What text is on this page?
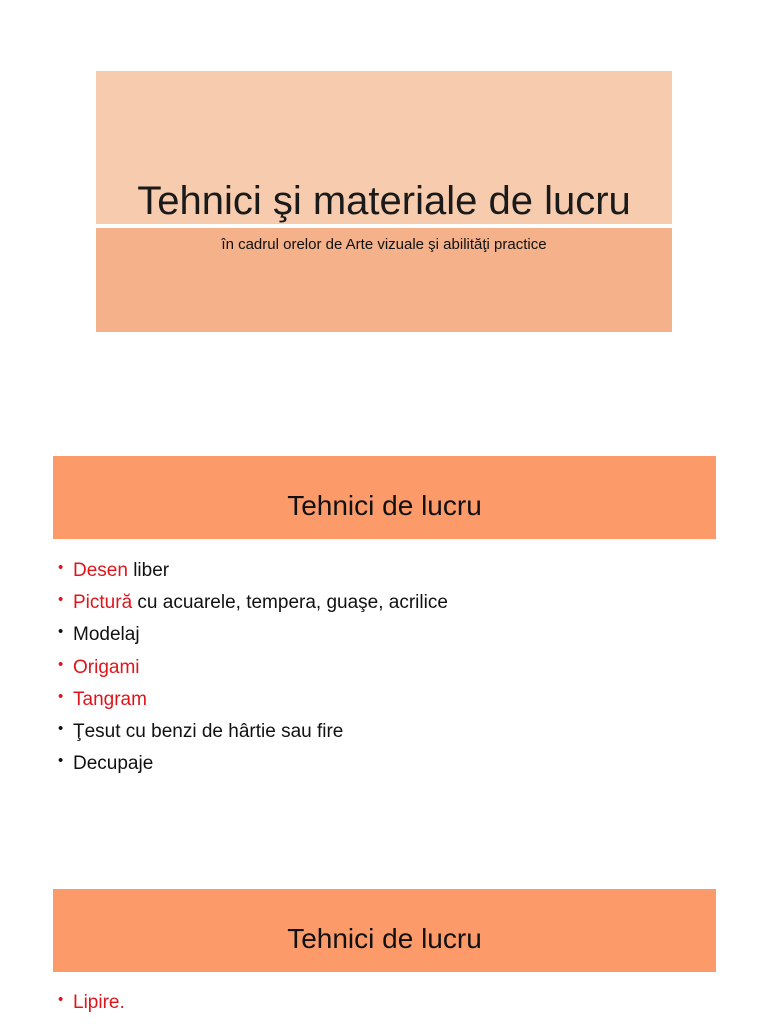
Tehnici şi materiale de lucru
în cadrul orelor de Arte vizuale şi abilităţi practice
Tehnici de lucru
• Desen liber
• Pictură cu acuarele, tempera, guaşe, acrilice
• Modelaj
• Origami
• Tangram
• Ţesut cu benzi de hârtie sau fire
• Decupaje
Tehnici de lucru
• Lipire.
